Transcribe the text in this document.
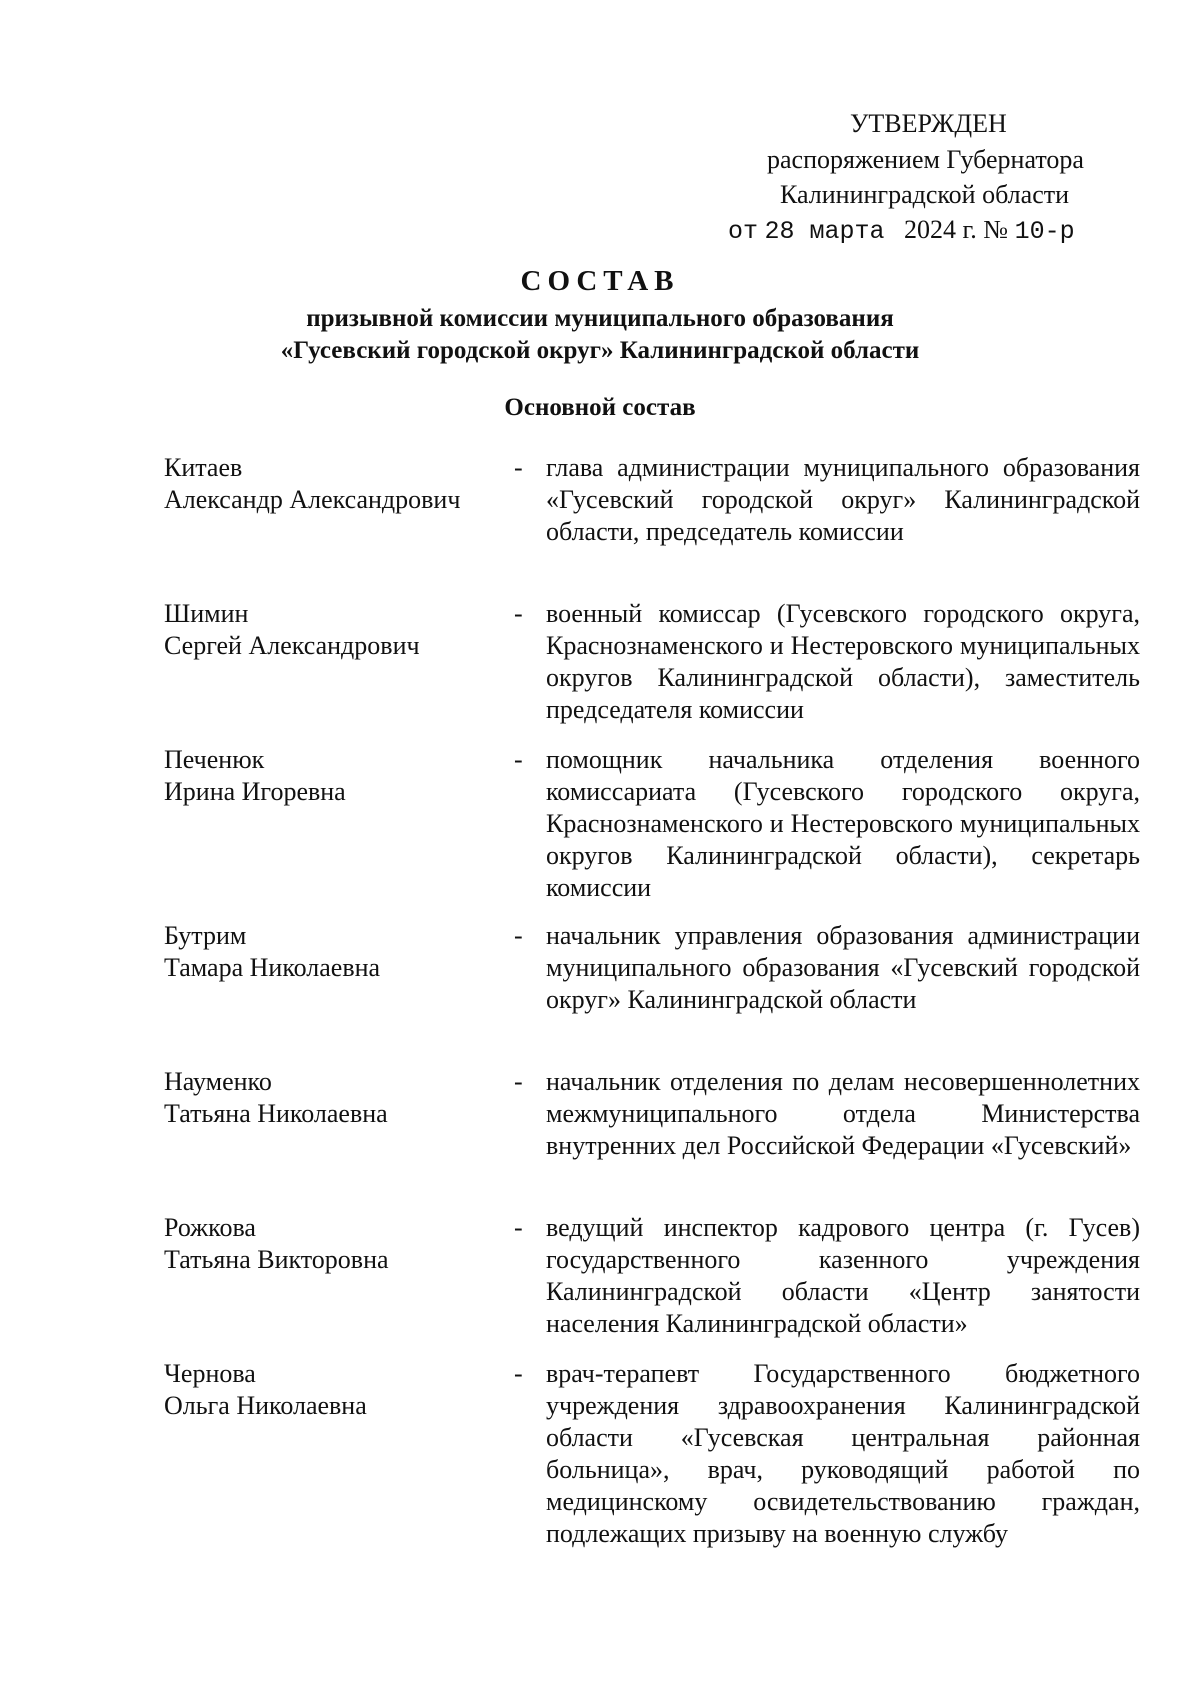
УТВЕРЖДЕН
распоряжением Губернатора
Калининградской области
от 28 марта 2024 г. № 10-р
СОСТАВ
призывной комиссии муниципального образования
«Гусевский городской округ» Калининградской области
Основной состав
Китаев
Александр Александрович
- глава администрации муниципального образования «Гусевский городской округ» Калининградской области, председатель комиссии
Шимин
Сергей Александрович
- военный комиссар (Гусевского городского округа, Краснознаменского и Нестеровского муниципальных округов Калининградской области), заместитель председателя комиссии
Печенюк
Ирина Игоревна
- помощник начальника отделения военного комиссариата (Гусевского городского округа, Краснознаменского и Нестеровского муниципальных округов Калининградской области), секретарь комиссии
Бутрим
Тамара Николаевна
- начальник управления образования администрации муниципального образования «Гусевский городской округ» Калининградской области
Науменко
Татьяна Николаевна
- начальник отделения по делам несовершеннолетних межмуниципального отдела Министерства внутренних дел Российской Федерации «Гусевский»
Рожкова
Татьяна Викторовна
- ведущий инспектор кадрового центра (г. Гусев) государственного казенного учреждения Калининградской области «Центр занятости населения Калининградской области»
Чернова
Ольга Николаевна
- врач-терапевт Государственного бюджетного учреждения здравоохранения Калининградской области «Гусевская центральная районная больница», врач, руководящий работой по медицинскому освидетельствованию граждан, подлежащих призыву на военную службу
